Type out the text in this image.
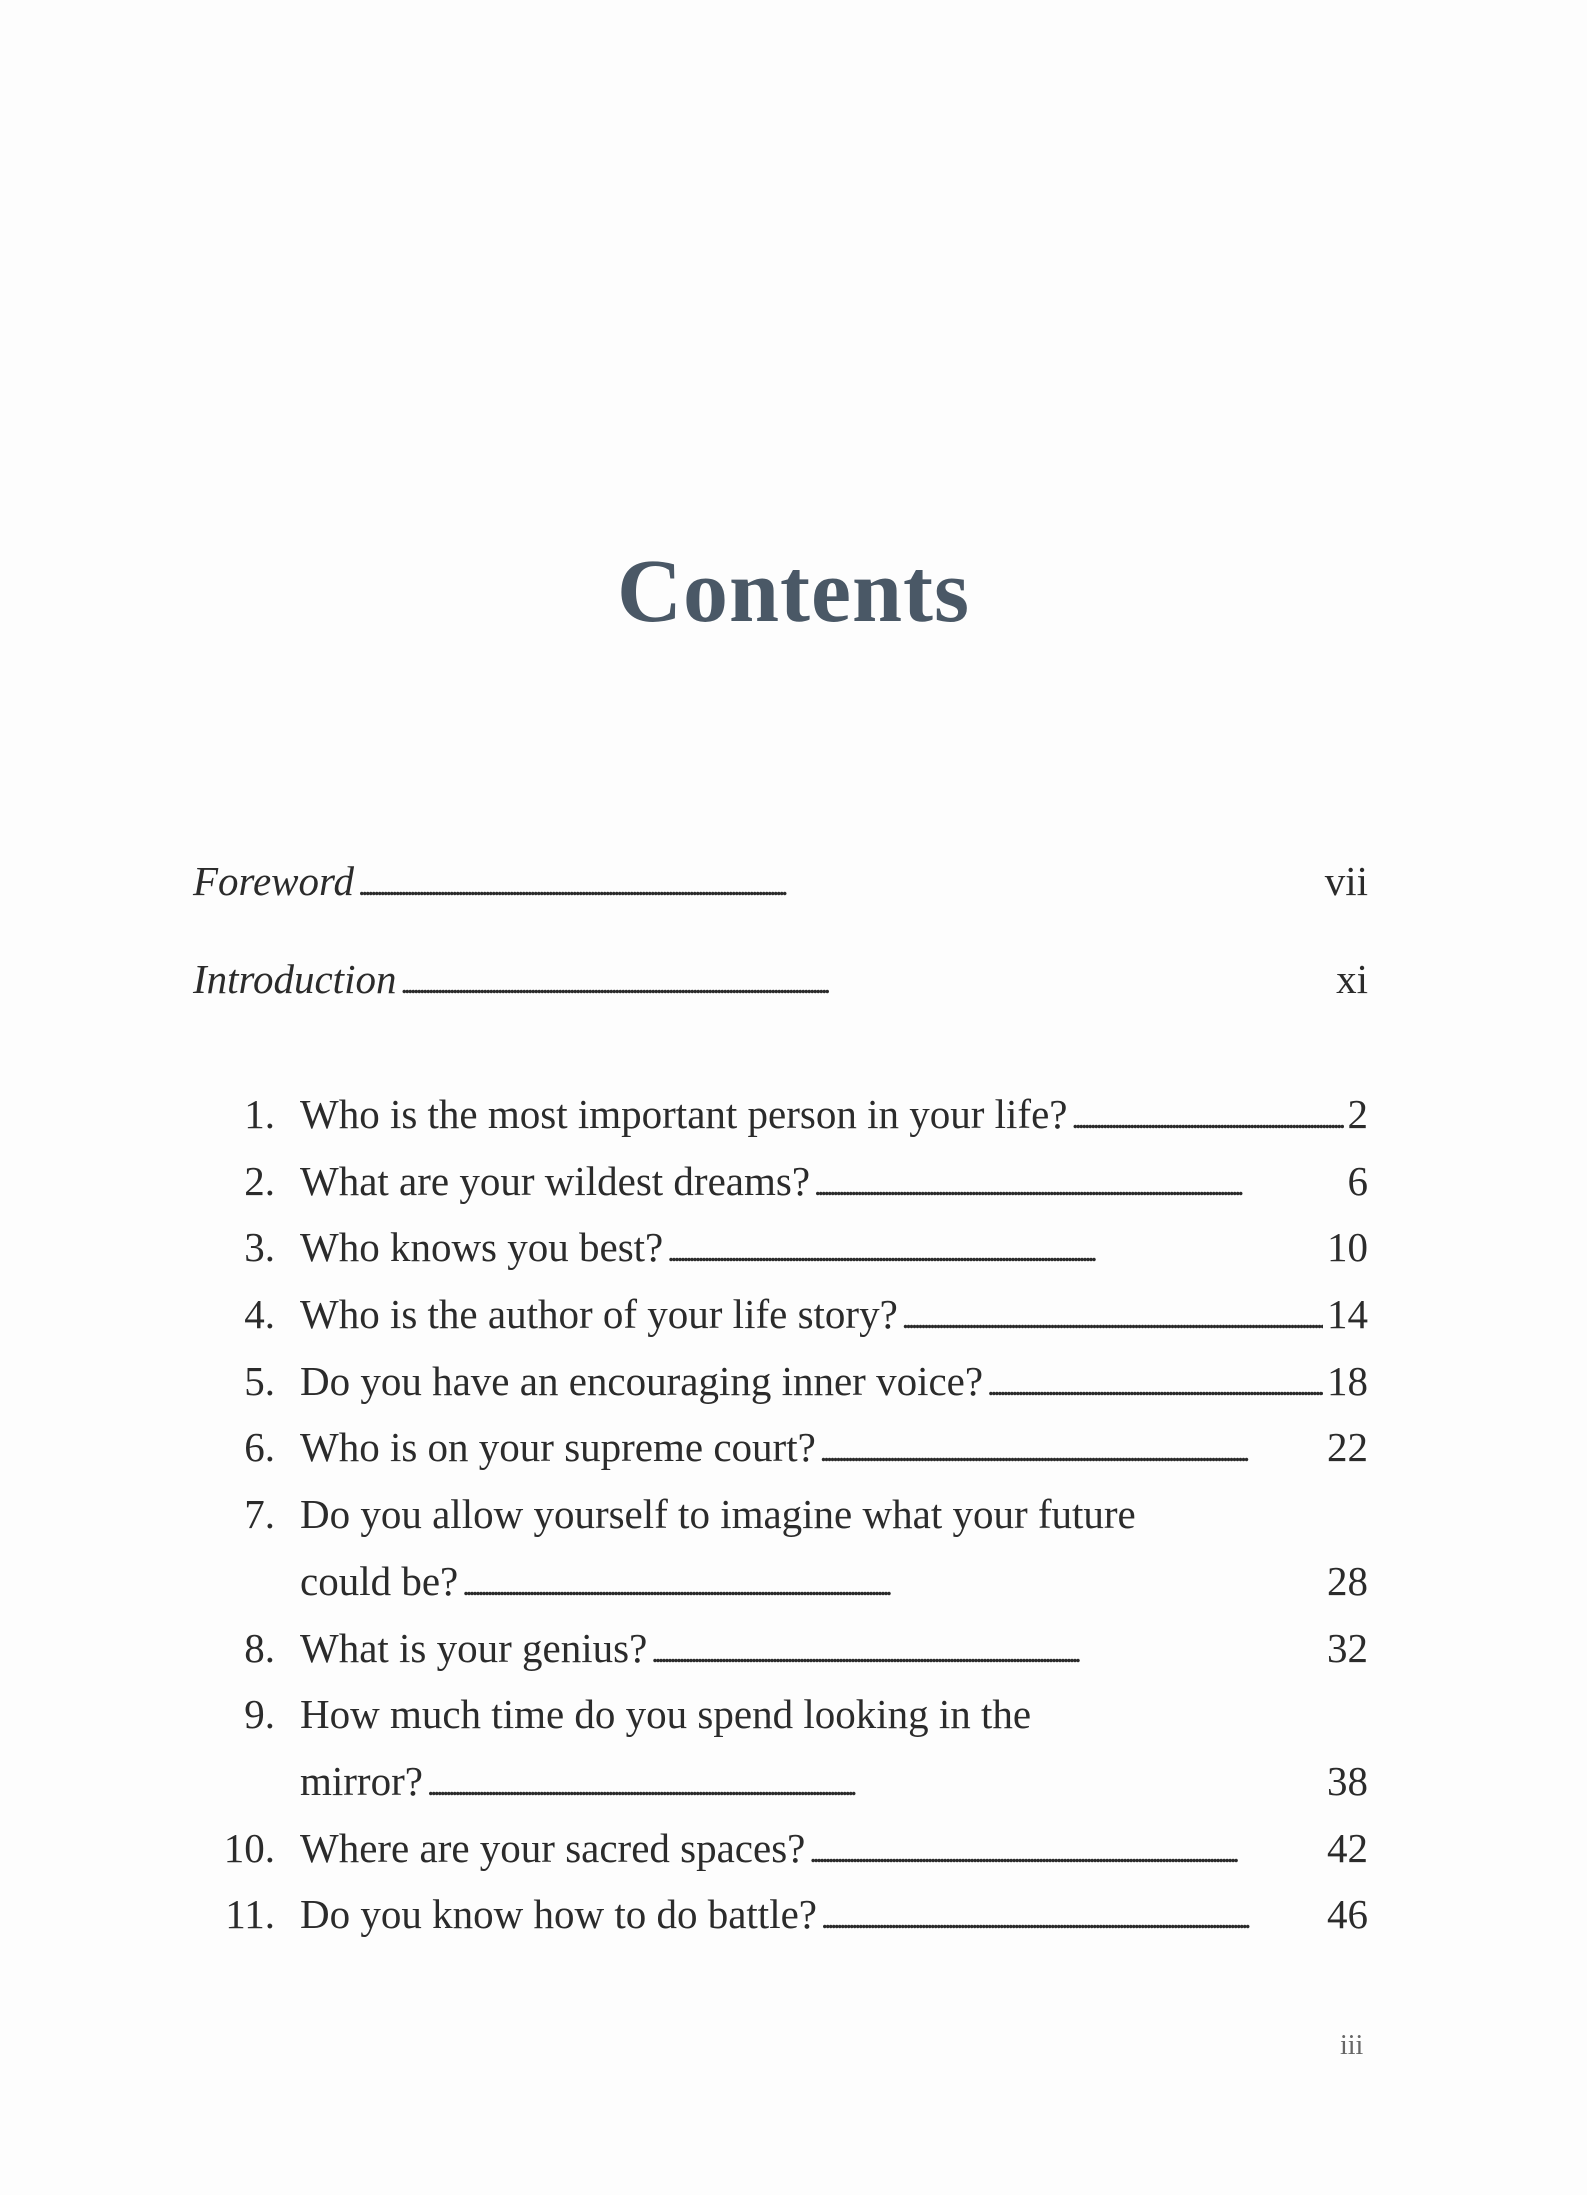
Contents
Foreword . . .	vii
Introduction . . .	xi
1. Who is the most important person in your life? . . .	2
2. What are your wildest dreams? . . .	6
3. Who knows you best? . . .	10
4. Who is the author of your life story? . . .	14
5. Do you have an encouraging inner voice? . . .	18
6. Who is on your supreme court? . . .	22
7. Do you allow yourself to imagine what your future
could be? . . .	28
8. What is your genius? . . .	32
9. How much time do you spend looking in the
mirror? . . .	38
10. Where are your sacred spaces? . . .	42
11. Do you know how to do battle? . . .	46
iii
